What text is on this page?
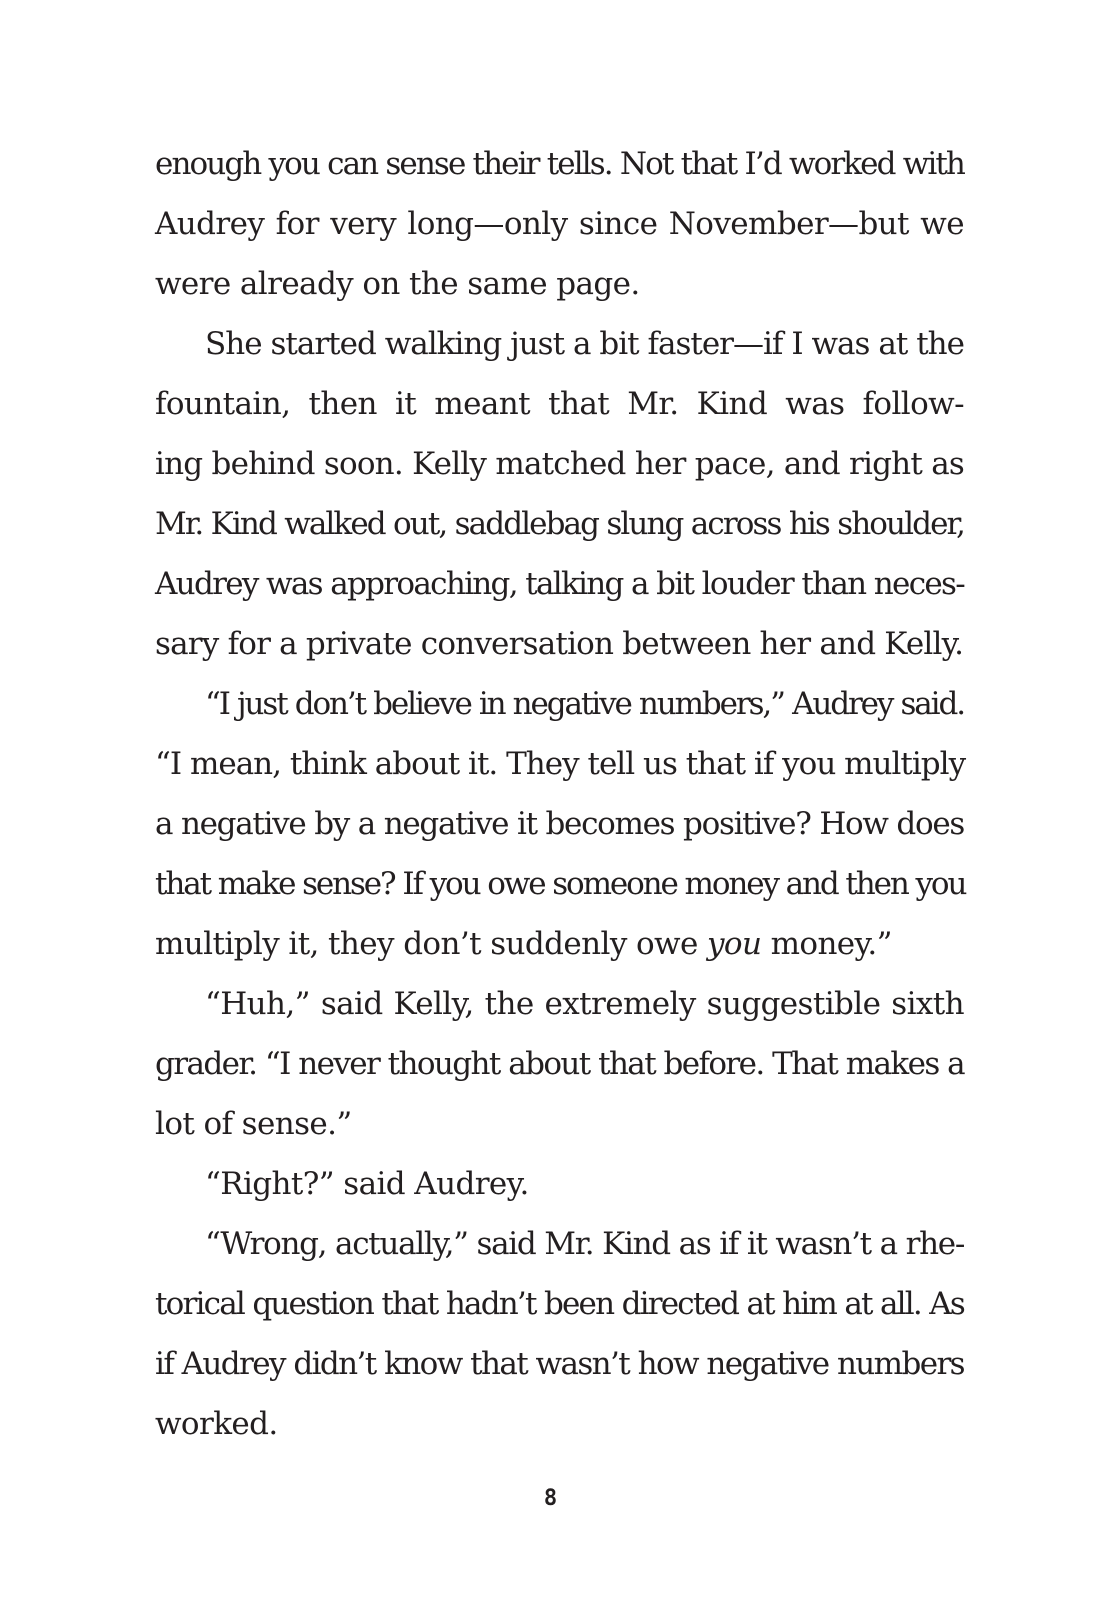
enough you can sense their tells. Not that I’d worked with
Audrey for very long—only since November—but we
were already on the same page.
She started walking just a bit faster—if I was at the
fountain, then it meant that Mr. Kind was follow-
ing behind soon. Kelly matched her pace, and right as
Mr. Kind walked out, saddlebag slung across his shoulder,
Audrey was approaching, talking a bit louder than neces-
sary for a private conversation between her and Kelly.
“I just don’t believe in negative numbers,” Audrey said.
“I mean, think about it. They tell us that if you multiply
a negative by a negative it becomes positive? How does
that make sense? If you owe someone money and then you
multiply it, they don’t suddenly owe you money.”
“Huh,” said Kelly, the extremely suggestible sixth
grader. “I never thought about that before. That makes a
lot of sense.”
“Right?” said Audrey.
“Wrong, actually,” said Mr. Kind as if it wasn’t a rhe-
torical question that hadn’t been directed at him at all. As
if Audrey didn’t know that wasn’t how negative numbers
worked.
8
